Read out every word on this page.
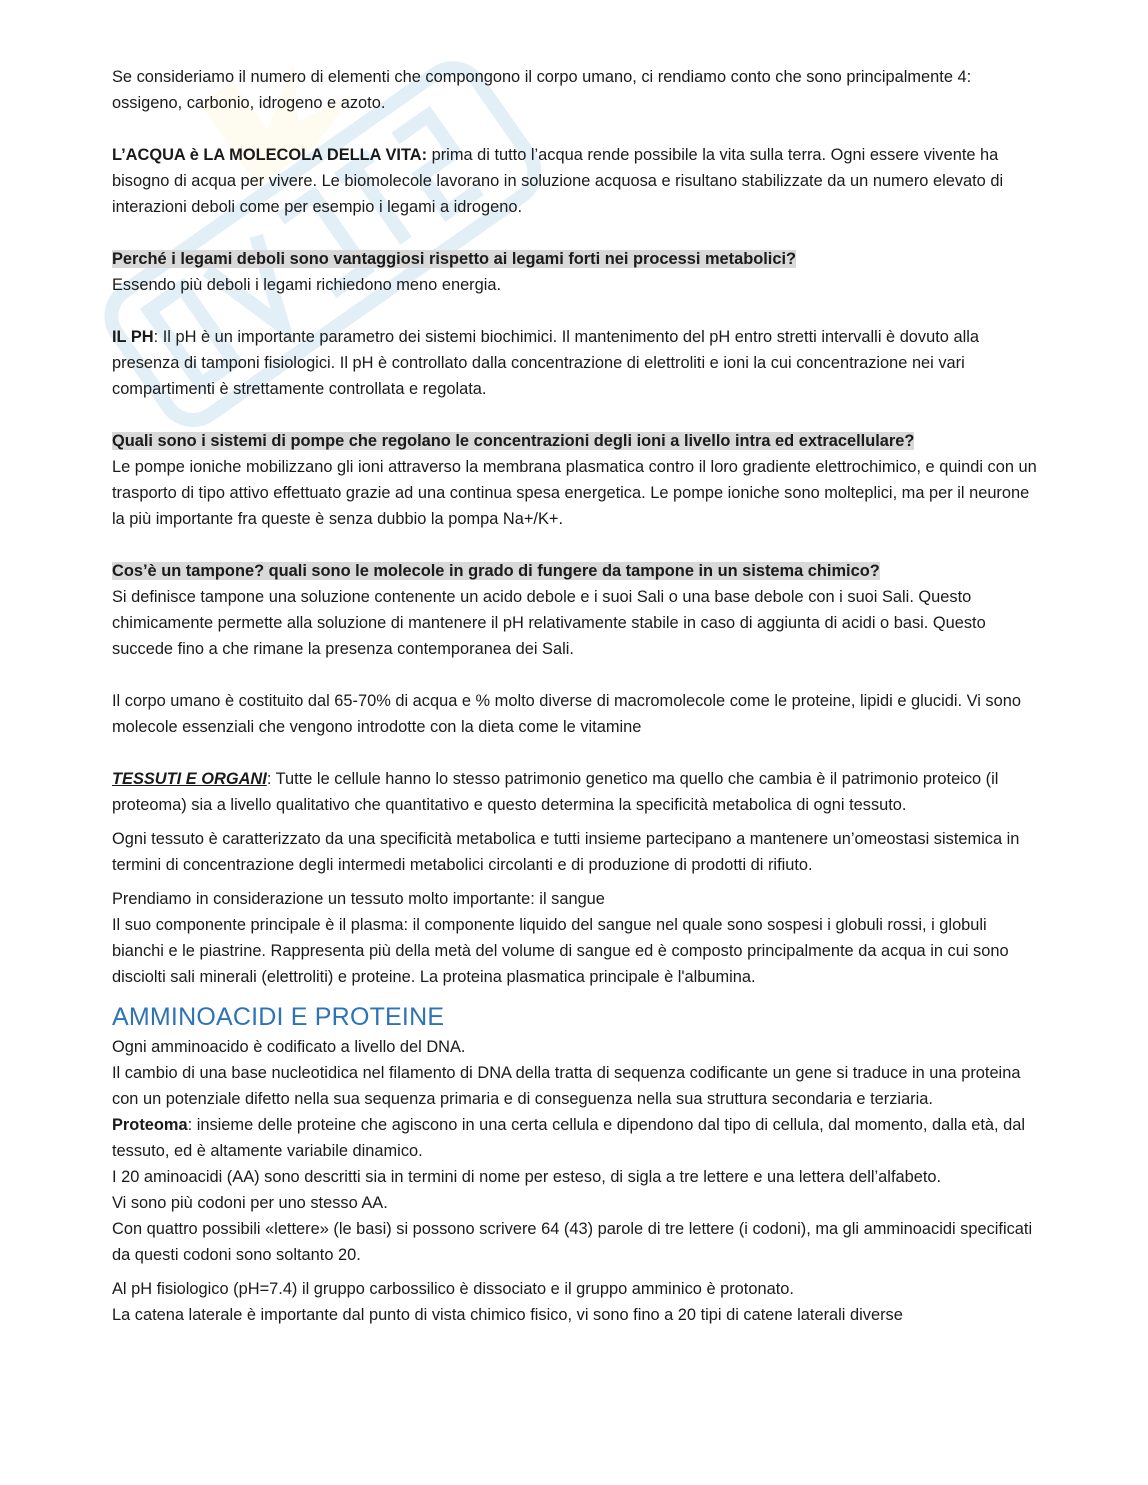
Se consideriamo il numero di elementi che compongono il corpo umano, ci rendiamo conto che sono principalmente 4: ossigeno, carbonio, idrogeno e azoto.

L’ACQUA è LA MOLECOLA DELLA VITA: prima di tutto l’acqua rende possibile la vita sulla terra. Ogni essere vivente ha bisogno di acqua per vivere. Le biomolecole lavorano in soluzione acquosa e risultano stabilizzate da un numero elevato di interazioni deboli come per esempio i legami a idrogeno.

Perché i legami deboli sono vantaggiosi rispetto ai legami forti nei processi metabolici?

Essendo più deboli i legami richiedono meno energia.

IL PH: Il pH è un importante parametro dei sistemi biochimici. Il mantenimento del pH entro stretti intervalli è dovuto alla presenza di tamponi fisiologici. Il pH è controllato dalla concentrazione di elettroliti e ioni la cui concentrazione nei vari compartimenti è strettamente controllata e regolata.

Quali sono i sistemi di pompe che regolano le concentrazioni degli ioni a livello intra ed extracellulare?

Le pompe ioniche mobilizzano gli ioni attraverso la membrana plasmatica contro il loro gradiente elettrochimico, e quindi con un trasporto di tipo attivo effettuato grazie ad una continua spesa energetica. Le pompe ioniche sono molteplici, ma per il neurone la più importante fra queste è senza dubbio la pompa Na+/K+.

Cos’è un tampone? quali sono le molecole in grado di fungere da tampone in un sistema chimico?

Si definisce tampone una soluzione contenente un acido debole e i suoi Sali o una base debole con i suoi Sali. Questo chimicamente permette alla soluzione di mantenere il pH relativamente stabile in caso di aggiunta di acidi o basi. Questo succede fino a che rimane la presenza contemporanea dei Sali.

Il corpo umano è costituito dal 65-70% di acqua e % molto diverse di macromolecole come le proteine, lipidi e glucidi. Vi sono molecole essenziali che vengono introdotte con la dieta come le vitamine

TESSUTI E ORGANI: Tutte le cellule hanno lo stesso patrimonio genetico ma quello che cambia è il patrimonio proteico (il proteoma) sia a livello qualitativo che quantitativo e questo determina la specificità metabolica di ogni tessuto.

Ogni tessuto è caratterizzato da una specificità metabolica e tutti insieme partecipano a mantenere un’omeostasi sistemica in termini di concentrazione degli intermedi metabolici circolanti e di produzione di prodotti di rifiuto.

Prendiamo in considerazione un tessuto molto importante: il sangue

Il suo componente principale è il plasma: il componente liquido del sangue nel quale sono sospesi i globuli rossi, i globuli bianchi e le piastrine. Rappresenta più della metà del volume di sangue ed è composto principalmente da acqua in cui sono disciolti sali minerali (elettroliti) e proteine. La proteina plasmatica principale è l'albumina.

AMMINOACIDI E PROTEINE

Ogni amminoacido è codificato a livello del DNA.

Il cambio di una base nucleotidica nel filamento di DNA della tratta di sequenza codificante un gene si traduce in una proteina con un potenziale difetto nella sua sequenza primaria e di conseguenza nella sua struttura secondaria e terziaria.

Proteoma: insieme delle proteine che agiscono in una certa cellula e dipendono dal tipo di cellula, dal momento, dalla età, dal tessuto, ed è altamente variabile dinamico.

I 20 aminoacidi (AA) sono descritti sia in termini di nome per esteso, di sigla a tre lettere e una lettera dell’alfabeto.

Vi sono più codoni per uno stesso AA.

Con quattro possibili «lettere» (le basi) si possono scrivere 64 (43) parole di tre lettere (i codoni), ma gli amminoacidi specificati da questi codoni sono soltanto 20.

Al pH fisiologico (pH=7.4) il gruppo carbossilico è dissociato e il gruppo amminico è protonato.

La catena laterale è importante dal punto di vista chimico fisico, vi sono fino a 20 tipi di catene laterali diverse
